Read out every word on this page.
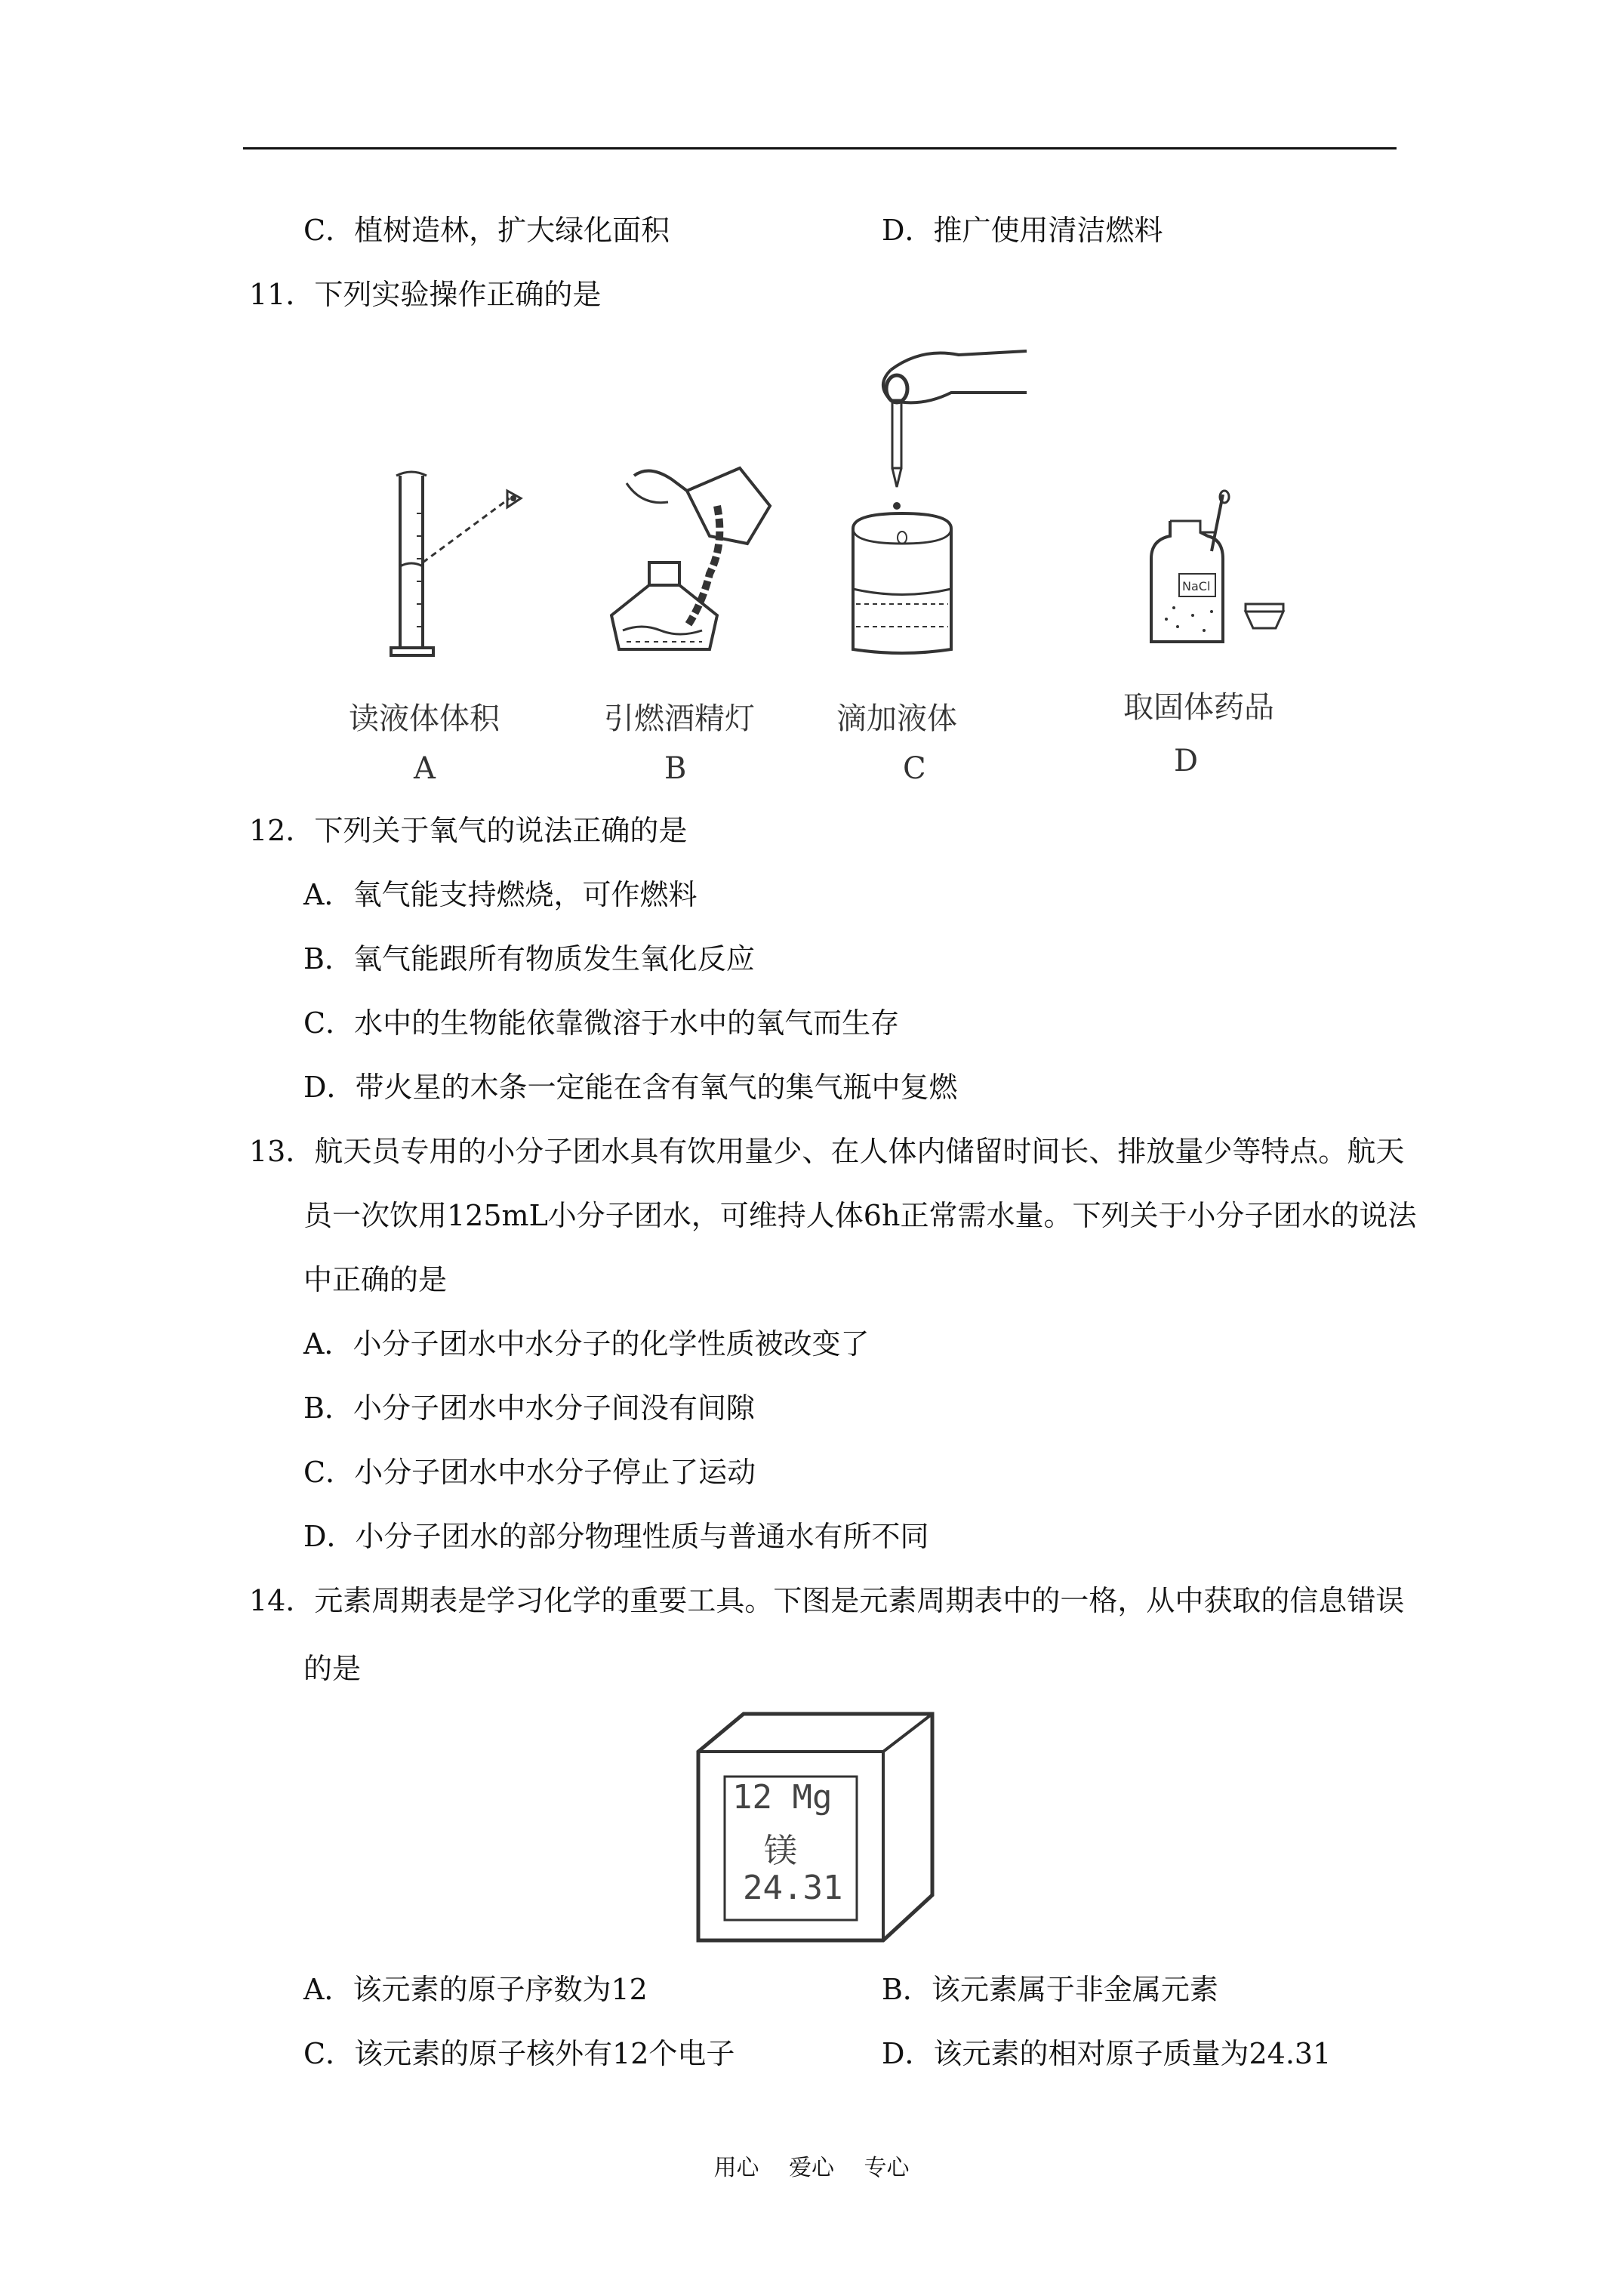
C．植树造林，扩大绿化面积	D．推广使用清洁燃料
11．下列实验操作正确的是
读液体体积
A
引燃酒精灯
B
滴加液体
C
NaCl
取固体药品
D
12．下列关于氧气的说法正确的是
A．氧气能支持燃烧，可作燃料
B．氧气能跟所有物质发生氧化反应
C．水中的生物能依靠微溶于水中的氧气而生存
D．带火星的木条一定能在含有氧气的集气瓶中复燃
13．航天员专用的小分子团水具有饮用量少、在人体内储留时间长、排放量少等特点。航天
员一次饮用125mL小分子团水，可维持人体6h正常需水量。下列关于小分子团水的说法
中正确的是
A．小分子团水中水分子的化学性质被改变了
B．小分子团水中水分子间没有间隙
C．小分子团水中水分子停止了运动
D．小分子团水的部分物理性质与普通水有所不同
14．元素周期表是学习化学的重要工具。下图是元素周期表中的一格，从中获取的信息错误
的是
12 Mg
镁
24.31
A．该元素的原子序数为12	B．该元素属于非金属元素
C．该元素的原子核外有12个电子	D．该元素的相对原子质量为24.31
用心 爱心 专心
